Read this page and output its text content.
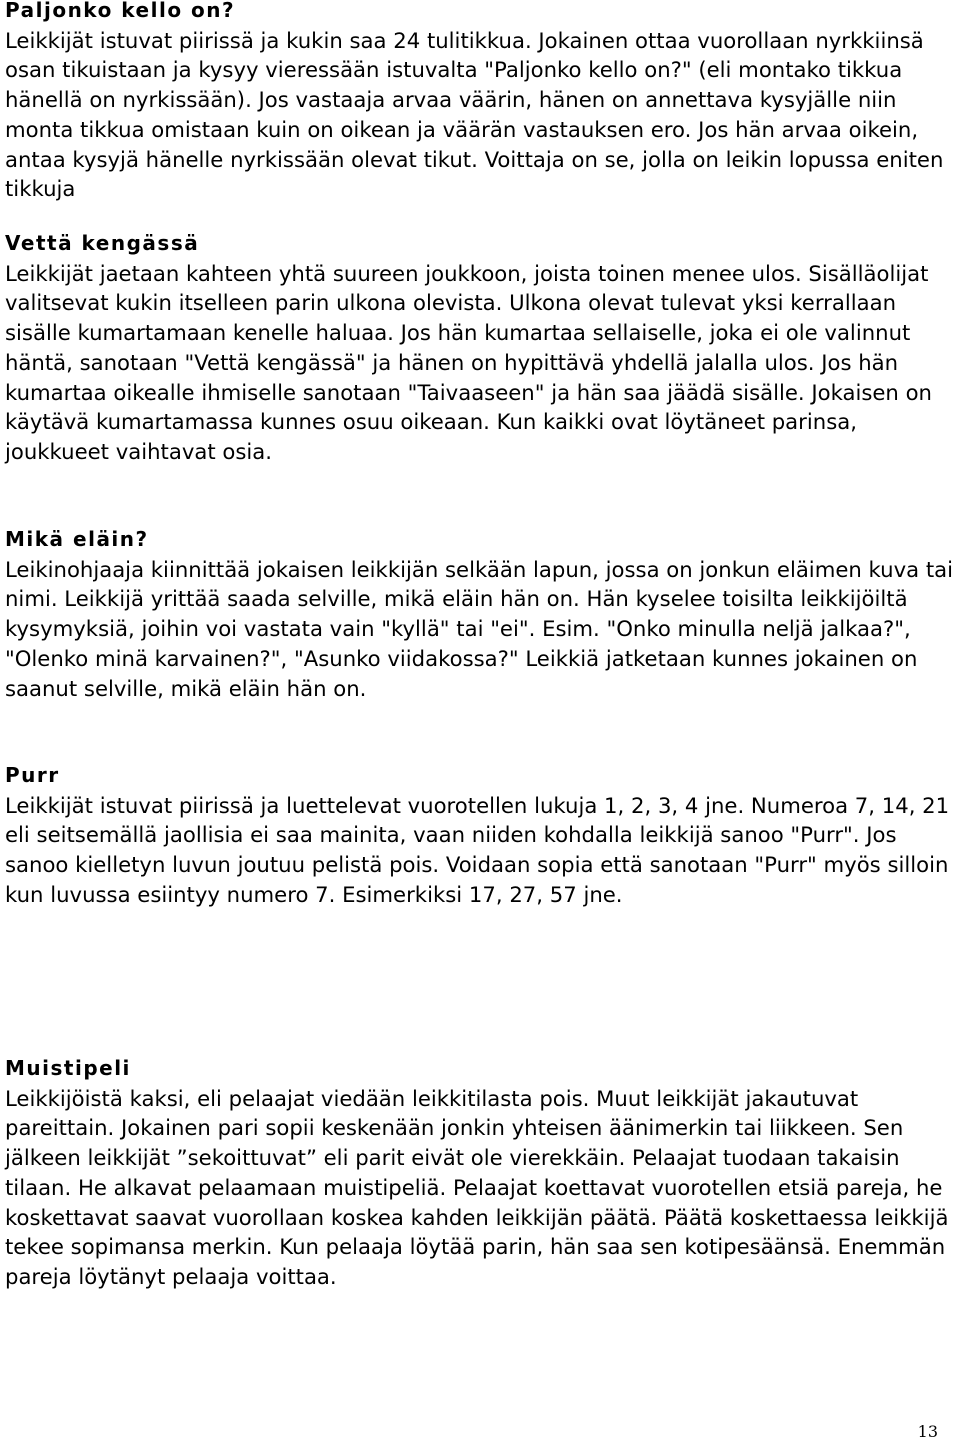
Paljonko kello on?

Leikkijät istuvat piirissä ja kukin saa 24 tulitikkua. Jokainen ottaa vuorollaan nyrkkiinsä osan tikuistaan ja kysyy vieressään istuvalta "Paljonko kello on?" (eli montako tikkua hänellä on nyrkissään). Jos vastaaja arvaa väärin, hänen on annettava kysyjälle niin monta tikkua omistaan kuin on oikean ja väärän vastauksen ero. Jos hän arvaa oikein, antaa kysyjä hänelle nyrkissään olevat tikut. Voittaja on se, jolla on leikin lopussa eniten tikkuja

Vettä kengässä

Leikkijät jaetaan kahteen yhtä suureen joukkoon, joista toinen menee ulos. Sisälläolijat valitsevat kukin itselleen parin ulkona olevista. Ulkona olevat tulevat yksi kerrallaan sisälle kumartamaan kenelle haluaa. Jos hän kumartaa sellaiselle, joka ei ole valinnut häntä, sanotaan "Vettä kengässä" ja hänen on hypittävä yhdellä jalalla ulos. Jos hän kumartaa oikealle ihmiselle sanotaan "Taivaaseen" ja hän saa jäädä sisälle. Jokaisen on käytävä kumartamassa kunnes osuu oikeaan. Kun kaikki ovat löytäneet parinsa, joukkueet vaihtavat osia.

Mikä eläin?

Leikinohjaaja kiinnittää jokaisen leikkijän selkään lapun, jossa on jonkun eläimen kuva tai nimi. Leikkijä yrittää saada selville, mikä eläin hän on. Hän kyselee toisilta leikkijöiltä kysymyksiä, joihin voi vastata vain "kyllä" tai "ei". Esim. "Onko minulla neljä jalkaa?", "Olenko minä karvainen?", "Asunko viidakossa?" Leikkiä jatketaan kunnes jokainen on saanut selville, mikä eläin hän on.

Purr

Leikkijät istuvat piirissä ja luettelevat vuorotellen lukuja 1, 2, 3, 4 jne. Numeroa 7, 14, 21 eli seitsemällä jaollisia ei saa mainita, vaan niiden kohdalla leikkijä sanoo "Purr". Jos sanoo kielletyn luvun joutuu pelistä pois. Voidaan sopia että sanotaan "Purr" myös silloin kun luvussa esiintyy numero 7. Esimerkiksi 17, 27, 57 jne.

Muistipeli

Leikkijöistä kaksi, eli pelaajat viedään leikkitilasta pois. Muut leikkijät jakautuvat pareittain. Jokainen pari sopii keskenään jonkin yhteisen äänimerkin tai liikkeen. Sen jälkeen leikkijät ”sekoittuvat” eli parit eivät ole vierekkäin. Pelaajat tuodaan takaisin tilaan. He alkavat pelaamaan muistipeliä. Pelaajat koettavat vuorotellen etsiä pareja, he koskettavat saavat vuorollaan koskea kahden leikkijän päätä. Päätä koskettaessa leikkijä tekee sopimansa merkin. Kun pelaaja löytää parin, hän saa sen kotipesäänsä. Enemmän pareja löytänyt pelaaja voittaa.

13
